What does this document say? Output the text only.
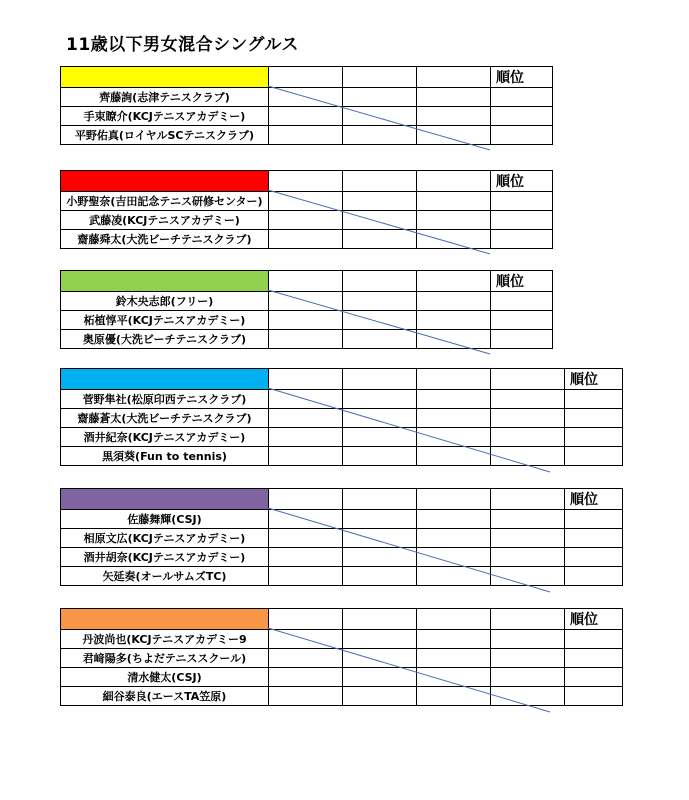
11歳以下男女混合シングルス
				順位
齊藤詢(志津テニスクラブ)				
手束瞭介(KCJテニスアカデミー)				
平野佑真(ロイヤルSCテニスクラブ)				
				順位
小野聖奈(吉田記念テニス研修センター)				
武藤凌(KCJテニスアカデミー)				
齋藤舜太(大洗ビーチテニスクラブ)				
				順位
鈴木央志郎(フリー)				
柘植惇平(KCJテニスアカデミー)				
奥原優(大洗ビーチテニスクラブ)				
					順位
菅野隼社(松原印西テニスクラブ)					
齋藤蒼太(大洗ビーチテニスクラブ)					
酒井紀奈(KCJテニスアカデミー)					
黒須葵(Fun to tennis)					
					順位
佐藤舞輝(CSJ)					
相原文広(KCJテニスアカデミー)					
酒井胡奈(KCJテニスアカデミー)					
矢延奏(オールサムズTC)					
					順位
丹波尚也(KCJテニスアカデミー9					
君﨑陽多(ちよだテニススクール)					
清水健太(CSJ)					
細谷泰良(エースTA笠原)					
